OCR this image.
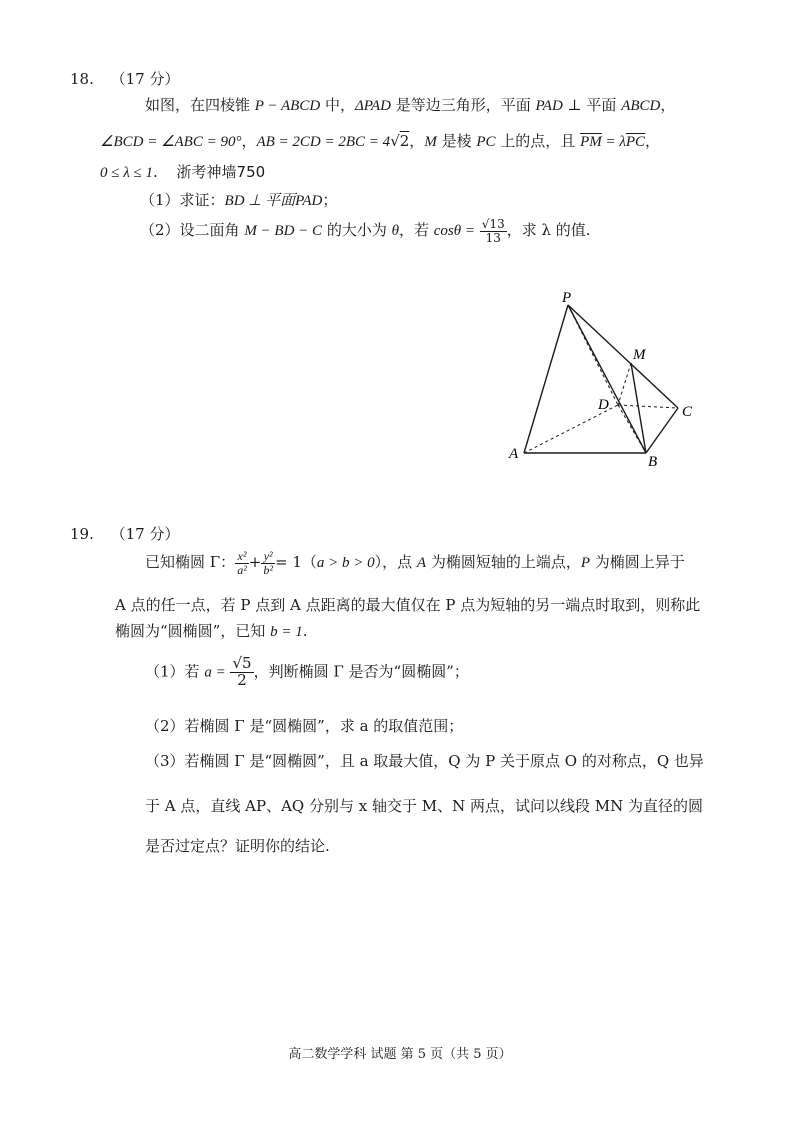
18. （17 分）
如图，在四棱锥 P − ABCD 中，ΔPAD 是等边三角形，平面 PAD ⊥ 平面 ABCD，
∠BCD = ∠ABC = 90°，AB = 2CD = 2BC = 4√2，M 是棱 PC 上的点，且 $\overline{PM} = \lambda\overline{PC}$，
0 ≤ λ ≤ 1. 浙考神墙750
（1）求证：BD ⊥ 平面PAD；
（2）设二面角 M − BD − C 的大小为 θ，若 $\cos\theta = \frac{√13}{13}$ ，求 λ 的值.
P
M
D	C
A	B
19. （17 分）
已知椭圆 Γ： $\frac{\text{x²}}{\text{a²}} + \frac{\text{y²}}{\text{b²}} = 1(a > b > 0)$，点 A 为椭圆短轴的上端点，P 为椭圆上异于
A 点的任一点，若 P 点到 A 点距离的最大值仅在 P 点为短轴的另一端点时取到，则称此
椭圆为“圆椭圆”，已知 b = 1.
（1）若 $a = \frac{√5}{2}$ ，判断椭圆 Γ 是否为“圆椭圆”；
（2）若椭圆 Γ 是“圆椭圆”，求 a 的取值范围；
（3）若椭圆 Γ 是“圆椭圆”，且 a 取最大值，Q 为 P 关于原点 O 的对称点，Q 也异
于 A 点，直线 AP、AQ 分别与 x 轴交于 M、N 两点，试问以线段 MN 为直径的圆
是否过定点？证明你的结论.
高二数学学科 试题 第 5 页（共 5 页）
